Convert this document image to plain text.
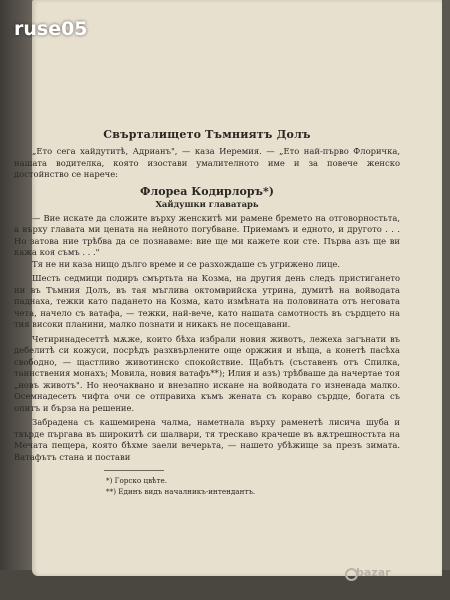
ruse05
Свърталището Тъмниятъ Долъ

„Ето сега хайдутитѣ, Адрианъ", — каза Иеремия. — „Ето най-първо Флоричка, нашата водителка, която изостави умалителното име и за повече женско достойнство се нарече:

Флореа Кодирлоръ*)
Хайдушки главатарь

— Вие искате да сложите върху женскитѣ ми рамене бремето на отговорностьта, а върху главата ми цената на нейното погубване. Приемамъ и едното, и другото . . . Но затова ние трѣбва да се познаваме: вие ще ми кажете кои сте. Първа азъ ще ви кажа коя съмъ . . ."

Тя не ни каза нищо дълго време и се разхождаше съ угриженo лице.

Шесть седмици подиръ смъртьта на Козма, на другия день следъ пристигането ни въ Тъмния Долъ, въ тая мъглива октомврийска утрина, думитѣ на войводата паднаха, тежки като падането на Козма, като измѣната на половината отъ неговата чета, начело съ ватафа, — тежки, най-вече, като нашата самотность въ сърдцето на тия високи планини, малко познати и никакъ не посещавани.

Четиринадесеттѣ мѫже, които бѣха избрали новия животъ, лежеха загънати въ дебелитѣ си кожуси, посрѣдъ разхвърлените още оржжия и нѣща, а конетѣ пасѣха свободно, — щастливо животинско спокойствие. Щабътъ (съставенъ отъ Спилка, таинствения монахъ; Мовила, новия ватафъ**); Илия и азъ) трѣбваше да начертае тоя „новъ животъ". Но неочаквано и внезапно искане на войводата го изненада малко. Осемнадесеть чифта очи се отправиха къмъ жената съ корaво сърдце, богата съ опитъ и бърза на решение.

Забрадена съ кашемирена чалма, наметнала върху раменетѣ лисича шуба и твърде пъргава въ широкитѣ си шалвари, тя трескаво крачеше въ вѫтрешностьта на Мечата пещера, която бѣхме заели вечерьта, — нашето убѣжище за презъ зимата. Ватафътъ стана и постави

*) Горско цвѣте.
**) Единъ видъ началникъ-интендантъ.
bazar
